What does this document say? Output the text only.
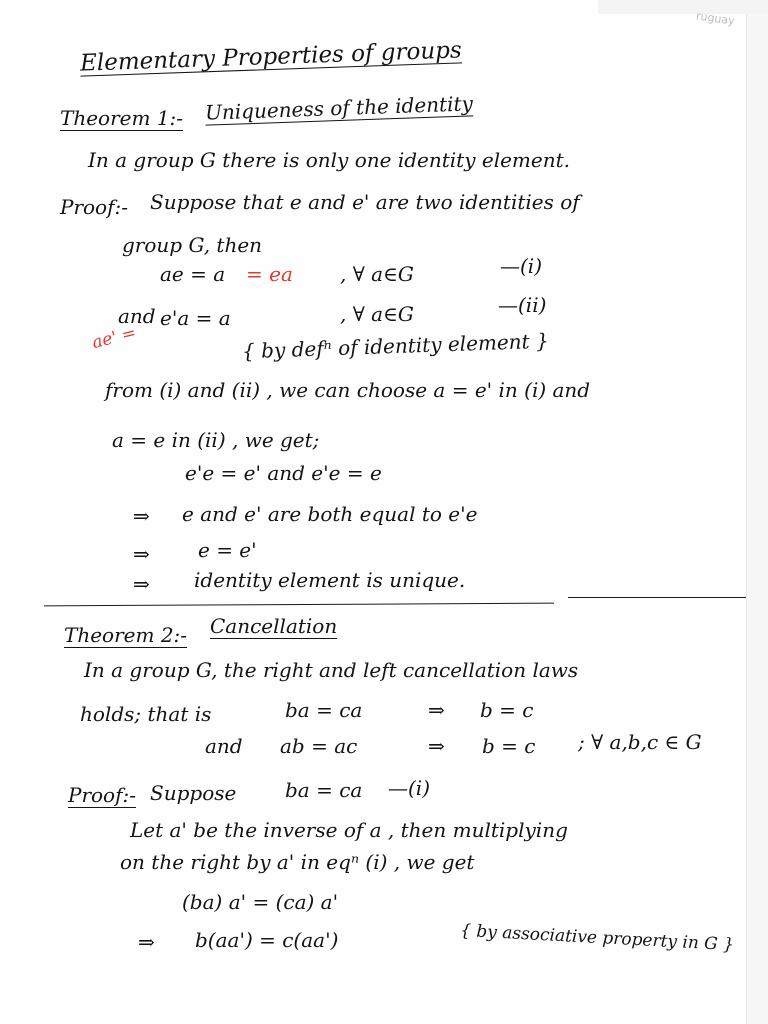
ruguay
Elementary Properties of groups
Theorem 1:- Uniqueness of the identity
In a group G there is only one identity element.
Proof:- Suppose that e and e' are two identities of
group G, then
ae = a = ea , ∀ a∈G	—(i)
and
ae' =
e'a = a	, ∀ a∈G	—(ii)
{ by defⁿ of identity element }
from (i) and (ii) , we can choose a = e' in (i) and
a = e in (ii) , we get;
e'e = e' and e'e = e
⇒ e and e' are both equal to e'e
⇒ e = e'
⇒ identity element is unique.
Theorem 2:- Cancellation
In a group G, the right and left cancellation laws
holds; that is	ba = ca	⇒ b = c
and ab = ac	⇒ b = c ; ∀ a,b,c ∈ G
Proof:- Suppose ba = ca —(i)
Let a' be the inverse of a , then multiplying
on the right by a' in eqⁿ (i) , we get
(ba) a' = (ca) a'
⇒ b(aa') = c(aa')	{ by associative property in G }
